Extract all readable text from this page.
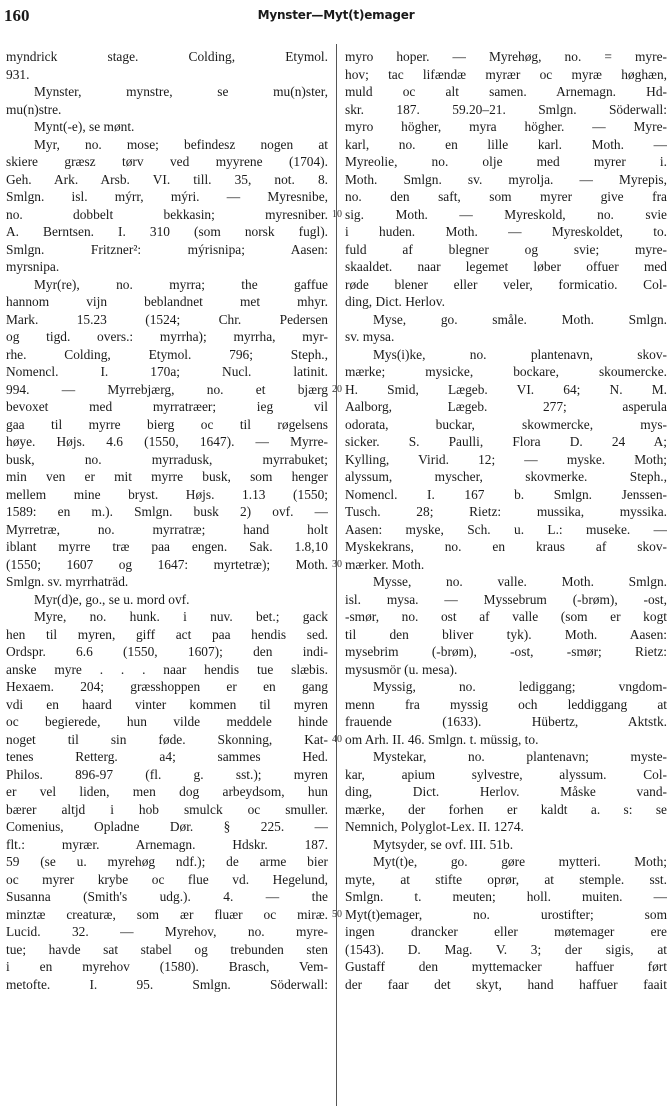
160	Mynster—Myt(t)emager
myndrick stage. Colding, Etymol.
931.
Mynster, mynstre, se mu(n)ster,
mu(n)stre.
Mynt(-e), se mønt.
Myr, no. mose; befindesz nogen at
skiere græsz tørv ved myyrene (1704).
Geh. Ark. Arsb. VI. till. 35, not. 8.
Smlgn. isl. mýrr, mýri. — Myresnibe,
no. dobbelt bekkasin; myresniber.
A. Berntsen. I. 310 (som norsk fugl).
Smlgn. Fritzner²: mýrisnipa; Aasen:
myrsnipa.
Myr(re), no. myrra; the gaffue
hannom vijn beblandnet met mhyr.
Mark. 15.23 (1524; Chr. Pedersen
og tigd. overs.: myrrha); myrrha, myr-
rhe. Colding, Etymol. 796; Steph.,
Nomencl. I. 170a; Nucl. latinit.
994. — Myrrebjærg, no. et bjærg
bevoxet med myrratræer; ieg vil
gaa til myrre bierg oc til røgelsens
høye. Højs. 4.6 (1550, 1647). — Myrre-
busk, no. myrradusk, myrrabuket;
min ven er mit myrre busk, som henger
mellem mine bryst. Højs. 1.13 (1550;
1589: en m.). Smlgn. busk 2) ovf. —
Myrretræ, no. myrratræ; hand holt
iblant myrre træ paa engen. Sak. 1.8,10
(1550; 1607 og 1647: myrtetræ); Moth.
Smlgn. sv. myrrhaträd.
Myr(d)e, go., se u. mord ovf.
Myre, no. hunk. i nuv. bet.; gack
hen til myren, giff act paa hendis sed.
Ordspr. 6.6 (1550, 1607); den indi-
anske myre . . . naar hendis tue slæbis.
Hexaem. 204; græsshoppen er en gang
vdi en haard vinter kommen til myren
oc begierede, hun vilde meddele hinde
noget til sin føde. Skonning, Kat-
tenes Retterg. a4; sammes Hed.
Philos. 896-97 (fl. g. sst.); myren
er vel liden, men dog arbeydsom, hun
bærer altjd i hob smulck oc smuller.
Comenius, Opladne Dør. § 225. —
flt.: myrær. Arnemagn. Hdskr. 187.
59 (se u. myrehøg ndf.); de arme bier
oc myrer krybe oc flue vd. Hegelund,
Susanna (Smith's udg.). 4. — the
minztæ creaturæ, som ær fluær oc miræ.
Lucid. 32. — Myrehov, no. myre-
tue; havde sat stabel og trebunden sten
i en myrehov (1580). Brasch, Vem-
metofte. I. 95. Smlgn. Söderwall:
myro hoper. — Myrehøg, no. = myre-
hov; tac lifændæ myrær oc myræ høghæn,
muld oc alt samen. Arnemagn. Hd-
skr. 187. 59.20–21. Smlgn. Söderwall:
myro högher, myra högher. — Myre-
karl, no. en lille karl. Moth. —
Myreolie, no. olje med myrer i.
Moth. Smlgn. sv. myrolja. — Myrepis,
no. den saft, som myrer give fra
sig. Moth. — Myreskold, no. svie
i huden. Moth. — Myreskoldet, to.
fuld af blegner og svie; myre-
skaaldet. naar legemet løber offuer med
røde blener eller veler, formicatio. Col-
ding, Dict. Herlov.
Myse, go. småle. Moth. Smlgn.
sv. mysa.
Mys(i)ke, no. plantenavn, skov-
mærke; mysicke, bockare, skoumercke.
H. Smid, Lægeb. VI. 64; N. M.
Aalborg, Lægeb. 277; asperula
odorata, buckar, skowmercke, mys-
sicker. S. Paulli, Flora D. 24 A;
Kylling, Virid. 12; — myske. Moth;
alyssum, myscher, skovmerke. Steph.,
Nomencl. I. 167 b. Smlgn. Jenssen-
Tusch. 28; Rietz: mussika, myssika.
Aasen: myske, Sch. u. L.: museke. —
Myskekrans, no. en kraus af skov-
mærker. Moth.
Mysse, no. valle. Moth. Smlgn.
isl. mysa. — Myssebrum (-brøm), -ost,
-smør, no. ost af valle (som er kogt
til den bliver tyk). Moth. Aasen:
mysebrim (-brøm), -ost, -smør; Rietz:
mysusmör (u. mesa).
Myssig, no. lediggang; vngdom-
menn fra myssig och leddiggang at
frauende (1633). Hübertz, Aktstk.
om Arh. II. 46. Smlgn. t. müssig, to.
Mystekar, no. plantenavn; myste-
kar, apium sylvestre, alyssum. Col-
ding, Dict. Herlov. Måske vand-
mærke, der forhen er kaldt a. s: se
Nemnich, Polyglot-Lex. II. 1274.
Mytsyder, se ovf. III. 51b.
Myt(t)e, go. gøre mytteri. Moth;
myte, at stifte oprør, at stemple. sst.
Smlgn. t. meuten; holl. muiten. —
Myt(t)emager, no. urostifter; som
ingen drancker eller møtemager ere
(1543). D. Mag. V. 3; der sigis, at
Gustaff den myttemacker haffuer ført
der faar det skyt, hand haffuer faait
10
20
30
40
50
